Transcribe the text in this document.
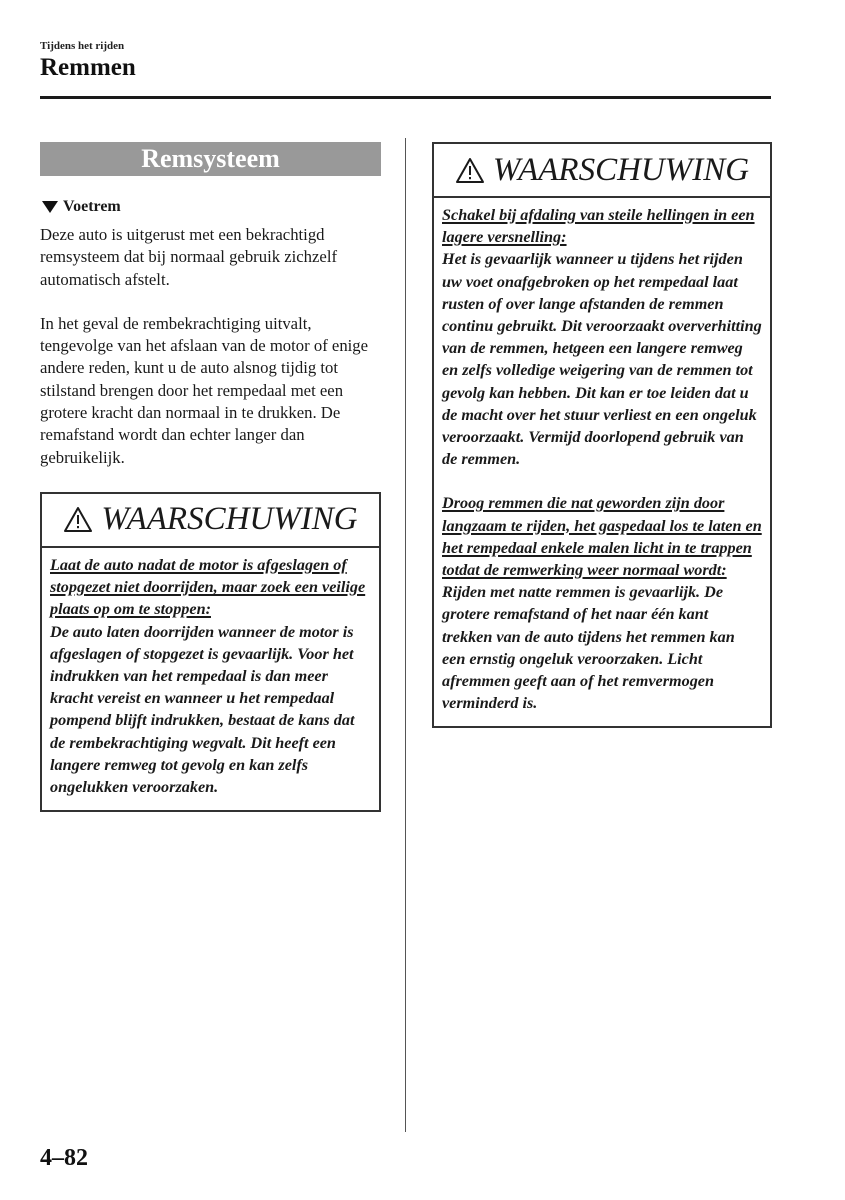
Tijdens het rijden
Remmen
Remsysteem
Voetrem

Deze auto is uitgerust met een bekrachtigd remsysteem dat bij normaal gebruik zichzelf automatisch afstelt.

In het geval de rembekrachtiging uitvalt, tengevolge van het afslaan van de motor of enige andere reden, kunt u de auto alsnog tijdig tot stilstand brengen door het rempedaal met een grotere kracht dan normaal in te drukken. De remafstand wordt dan echter langer dan gebruikelijk.

WAARSCHUWING

Laat de auto nadat de motor is afgeslagen of stopgezet niet doorrijden, maar zoek een veilige plaats op om te stoppen:
De auto laten doorrijden wanneer de motor is afgeslagen of stopgezet is gevaarlijk. Voor het indrukken van het rempedaal is dan meer kracht vereist en wanneer u het rempedaal pompend blijft indrukken, bestaat de kans dat de rembekrachtiging wegvalt. Dit heeft een langere remweg tot gevolg en kan zelfs ongelukken veroorzaken.

WAARSCHUWING

Schakel bij afdaling van steile hellingen in een lagere versnelling:
Het is gevaarlijk wanneer u tijdens het rijden uw voet onafgebroken op het rempedaal laat rusten of over lange afstanden de remmen continu gebruikt. Dit veroorzaakt oververhitting van de remmen, hetgeen een langere remweg en zelfs volledige weigering van de remmen tot gevolg kan hebben. Dit kan er toe leiden dat u de macht over het stuur verliest en een ongeluk veroorzaakt. Vermijd doorlopend gebruik van de remmen.

Droog remmen die nat geworden zijn door langzaam te rijden, het gaspedaal los te laten en het rempedaal enkele malen licht in te trappen totdat de remwerking weer normaal wordt:
Rijden met natte remmen is gevaarlijk. De grotere remafstand of het naar één kant trekken van de auto tijdens het remmen kan een ernstig ongeluk veroorzaken. Licht afremmen geeft aan of het remvermogen verminderd is.

4–82
